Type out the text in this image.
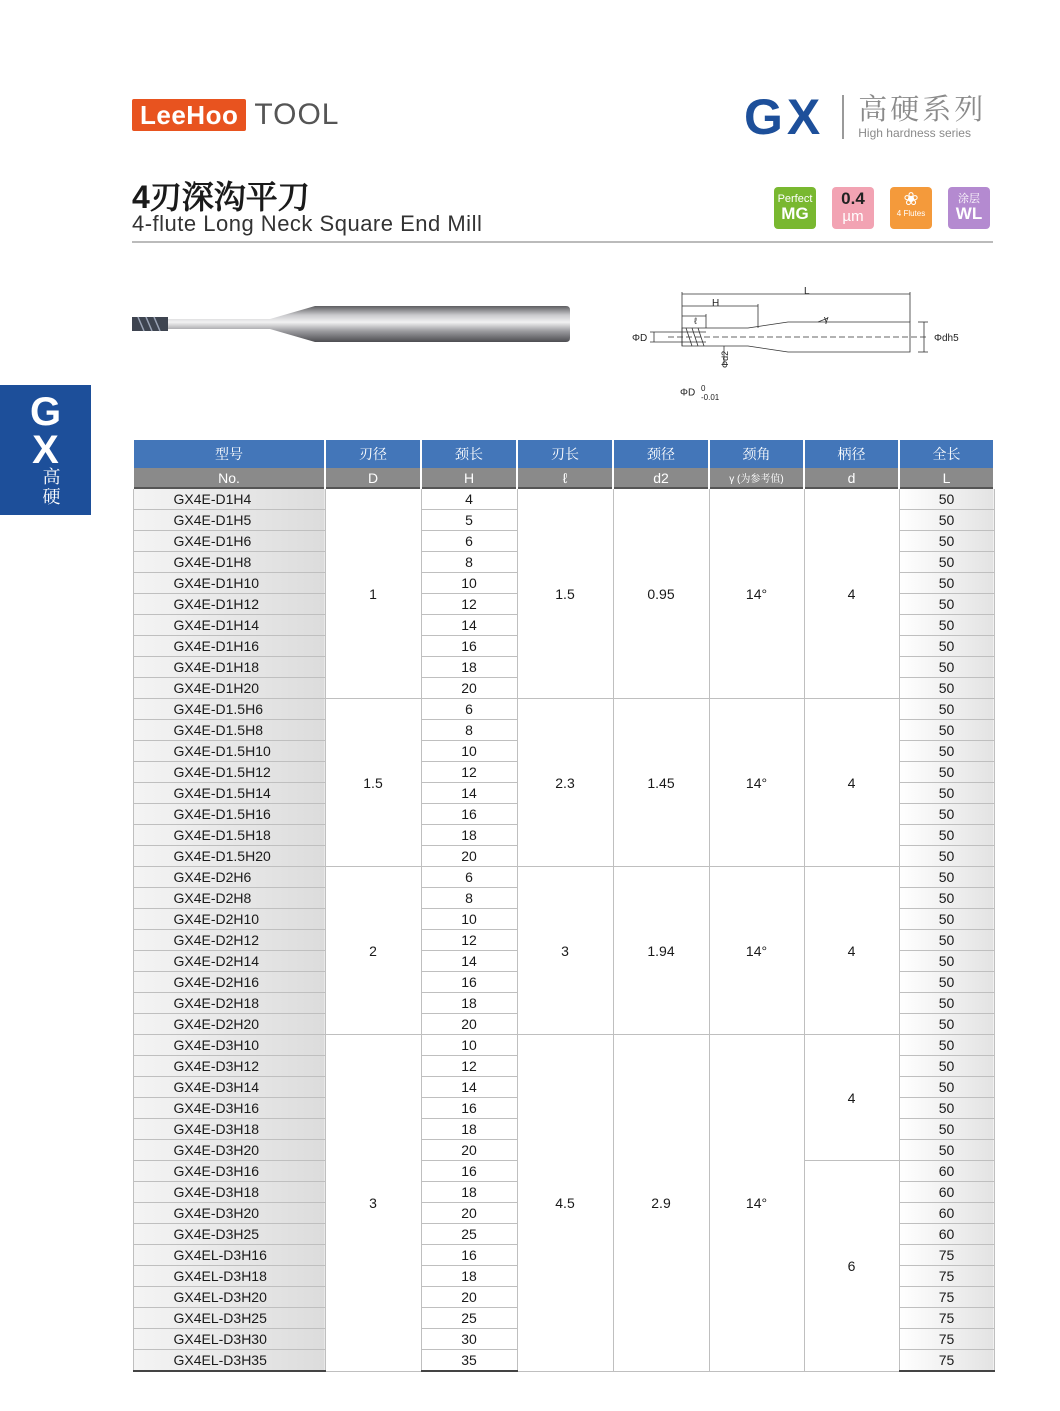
LeeHoo TOOL	GX 高硬系列
High hardness series
4刃深沟平刀
4-flute Long Neck Square End Mill
Perfect
MG
0.4
µm
❀
4 Flutes
涂层
WL
G
X
高
硬
L
H
ℓ	γ
ΦD	Φdh5
Φd2
ΦD 0
-0.01
型号	刃径	颈长	刃长	颈径	颈角	柄径	全长
No.	D	H	ℓ	d2	γ (为参考值)	d	L
GX4E-D1H4	1	4	1.5	0.95	14°	4	50
GX4E-D1H5		5					50
GX4E-D1H6		6					50
GX4E-D1H8		8					50
GX4E-D1H10		10					50
GX4E-D1H12		12					50
GX4E-D1H14		14					50
GX4E-D1H16		16					50
GX4E-D1H18		18					50
GX4E-D1H20		20					50
GX4E-D1.5H6	1.5	6	2.3	1.45	14°	4	50
GX4E-D1.5H8		8					50
GX4E-D1.5H10		10					50
GX4E-D1.5H12		12					50
GX4E-D1.5H14		14					50
GX4E-D1.5H16		16					50
GX4E-D1.5H18		18					50
GX4E-D1.5H20		20					50
GX4E-D2H6	2	6	3	1.94	14°	4	50
GX4E-D2H8		8					50
GX4E-D2H10		10					50
GX4E-D2H12		12					50
GX4E-D2H14		14					50
GX4E-D2H16		16					50
GX4E-D2H18		18					50
GX4E-D2H20		20					50
GX4E-D3H10	3	10	4.5	2.9	14°	4	50
GX4E-D3H12		12					50
GX4E-D3H14		14					50
GX4E-D3H16		16					50
GX4E-D3H18		18					50
GX4E-D3H20		20					50
GX4E-D3H16		16				6	60
GX4E-D3H18		18					60
GX4E-D3H20		20					60
GX4E-D3H25		25					60
GX4EL-D3H16		16					75
GX4EL-D3H18		18					75
GX4EL-D3H20		20					75
GX4EL-D3H25		25					75
GX4EL-D3H30		30					75
GX4EL-D3H35		35					75
